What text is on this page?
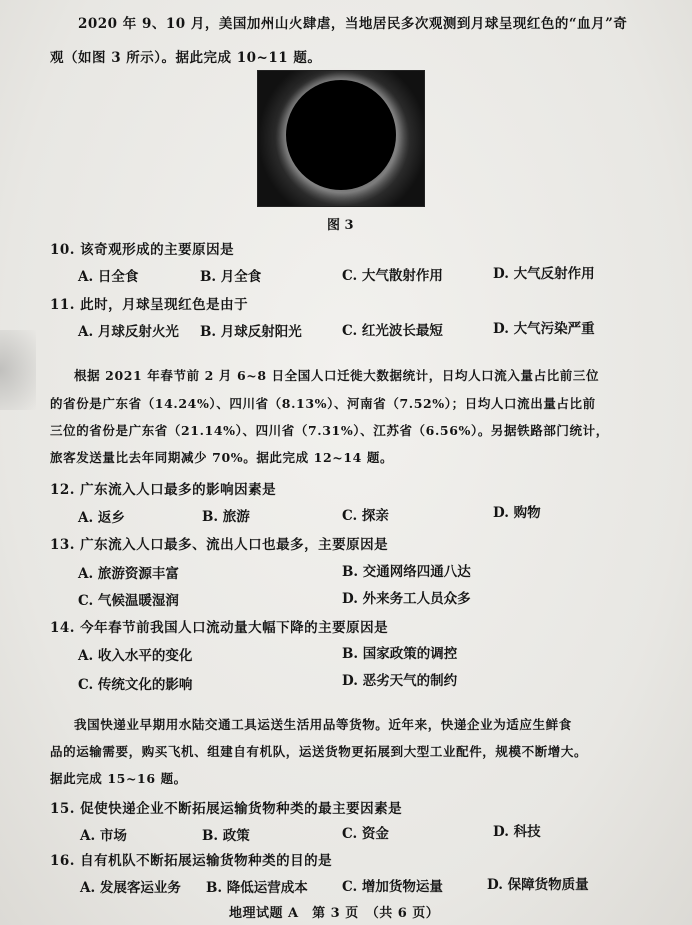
2020 年 9、10 月，美国加州山火肆虐，当地居民多次观测到月球呈现红色的“血月”奇
观（如图 3 所示）。据此完成 10~11 题。
图 3
10. 该奇观形成的主要原因是
A. 日全食	B. 月全食	C. 大气散射作用	D. 大气反射作用
11. 此时，月球呈现红色是由于
A. 月球反射火光 B. 月球反射阳光	C. 红光波长最短	D. 大气污染严重
根据 2021 年春节前 2 月 6~8 日全国人口迁徙大数据统计，日均人口流入量占比前三位
的省份是广东省（14.24%）、四川省（8.13%）、河南省（7.52%）；日均人口流出量占比前
三位的省份是广东省（21.14%）、四川省（7.31%）、江苏省（6.56%）。另据铁路部门统计，
旅客发送量比去年同期减少 70%。据此完成 12~14 题。
12. 广东流入人口最多的影响因素是
A. 返乡	B. 旅游	C. 探亲	D. 购物
13. 广东流入人口最多、流出人口也最多，主要原因是
A. 旅游资源丰富	B. 交通网络四通八达
C. 气候温暖湿润	D. 外来务工人员众多
14. 今年春节前我国人口流动量大幅下降的主要原因是
A. 收入水平的变化	B. 国家政策的调控
C. 传统文化的影响	D. 恶劣天气的制约
我国快递业早期用水陆交通工具运送生活用品等货物。近年来，快递企业为适应生鲜食
品的运输需要，购买飞机、组建自有机队，运送货物更拓展到大型工业配件，规模不断增大。
据此完成 15~16 题。
15. 促使快递企业不断拓展运输货物种类的最主要因素是
A. 市场	B. 政策	C. 资金	D. 科技
16. 自有机队不断拓展运输货物种类的目的是
A. 发展客运业务 B. 降低运营成本	C. 增加货物运量	D. 保障货物质量
地理试题 A　第 3 页　（共 6 页）
